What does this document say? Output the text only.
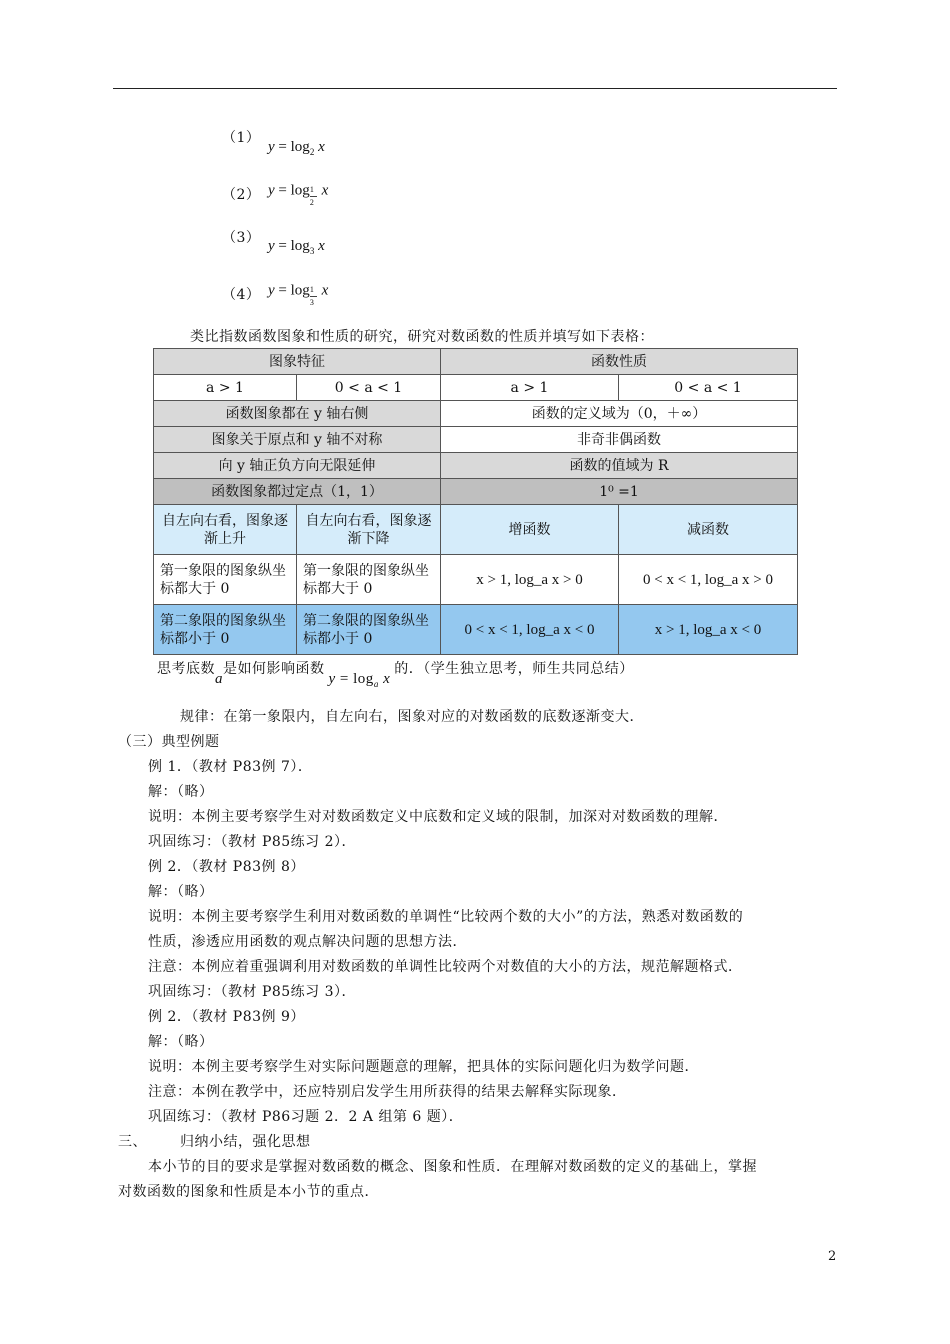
（1）
$y = \log_2 x$
（2） y = log 1
2
x
（3） $y = \log_3 x$
（4） y = log 1
3
x
类比指数函数图象和性质的研究，研究对数函数的性质并填写如下表格：
图象特征		函数性质	
a > 1	0 < a < 1	a > 1	0 < a < 1
函数图象都在 y 轴右侧		函数的定义域为（0，＋∞）	
图象关于原点和 y 轴不对称		非奇非偶函数	
向 y 轴正负方向无限延伸		函数的值域为 R	
函数图象都过定点（1，1）		1⁰ =1	
自左向右看，图象逐渐上升	自左向右看，图象逐渐下降	增函数	减函数
第一象限的图象纵坐标都大于 0	第一象限的图象纵坐标都大于 0	x > 1, log_a x > 0	0 < x < 1, log_a x > 0
第二象限的图象纵坐标都小于 0	第二象限的图象纵坐标都小于 0	0 < x < 1, log_a x < 0	x > 1, log_a x < 0
思考底数a是如何影响函数$y = \log_a x$的．（学生独立思考，师生共同总结）
规律：在第一象限内，自左向右，图象对应的对数函数的底数逐渐变大．
（三）典型例题
例 1．（教材 P83例 7）．
解：（略）
说明：本例主要考察学生对对数函数定义中底数和定义域的限制，加深对对数函数的理解．
巩固练习：（教材 P85练习 2）．
例 2．（教材 P83例 8）
解：（略）
说明：本例主要考察学生利用对数函数的单调性“比较两个数的大小”的方法，熟悉对数函数的
性质，渗透应用函数的观点解决问题的思想方法．
注意：本例应着重强调利用对数函数的单调性比较两个对数值的大小的方法，规范解题格式．
巩固练习：（教材 P85练习 3）．
例 2．（教材 P83例 9）
解：（略）
说明：本例主要考察学生对实际问题题意的理解，把具体的实际问题化归为数学问题．
注意：本例在教学中，还应特别启发学生用所获得的结果去解释实际现象．
巩固练习：（教材 P86习题 2．2 A 组第 6 题）．
三、 归纳小结，强化思想
本小节的目的要求是掌握对数函数的概念、图象和性质．在理解对数函数的定义的基础上，掌握
对数函数的图象和性质是本小节的重点．
2
